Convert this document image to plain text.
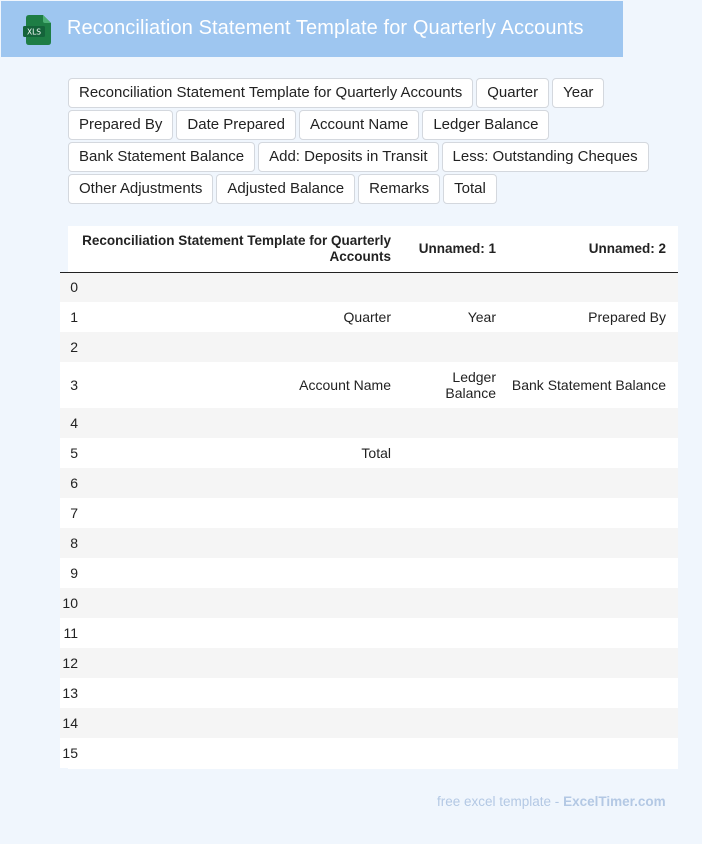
XLS Reconciliation Statement Template for Quarterly Accounts
Reconciliation Statement Template for Quarterly Accounts	Quarter	Year
Prepared By	Date Prepared	Account Name	Ledger Balance
Bank Statement Balance	Add: Deposits in Transit	Less: Outstanding Cheques
Other Adjustments	Adjusted Balance	Remarks	Total
	Reconciliation Statement Template for Quarterly Accounts	Unnamed: 1	Unnamed: 2
0			
1	Quarter	Year	Prepared By
2			
3	Account Name	Ledger Balance	Bank Statement Balance
4			
5	Total		
6			
7			
8			
9			
10			
11			
12			
13			
14			
15			
free excel template - ExcelTimer.com
